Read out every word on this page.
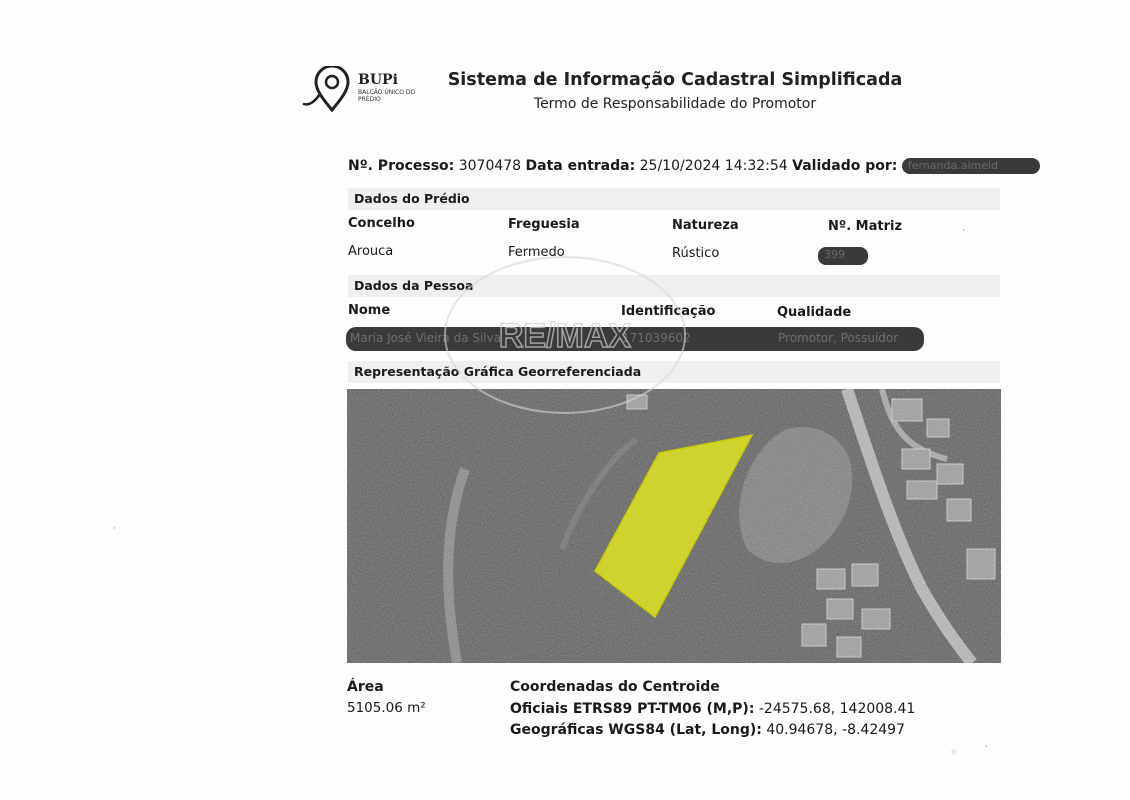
BUPi
BALCÃO ÚNICO DO PRÉDIO
Sistema de Informação Cadastral Simplificada
Termo de Responsabilidade do Promotor
Nº. Processo: 3070478 Data entrada: 25/10/2024 14:32:54 Validado por: fernanda.almeid
Dados do Prédio
Concelho	Freguesia	Natureza	Nº. Matriz
Arouca	Fermedo	Rústico	399
Dados da Pessoa
Nome	Identificação	Qualidade
Maria José Vieira da Silva	171039602	Promotor, Possuidor
Representação Gráfica Georreferenciada
RE/MAX
Área
5105.06 m²
Coordenadas do Centroide
Oficiais ETRS89 PT-TM06 (M,P): -24575.68, 142008.41
Geográficas WGS84 (Lat, Long): 40.94678, -8.42497
·
·
⁘
·
